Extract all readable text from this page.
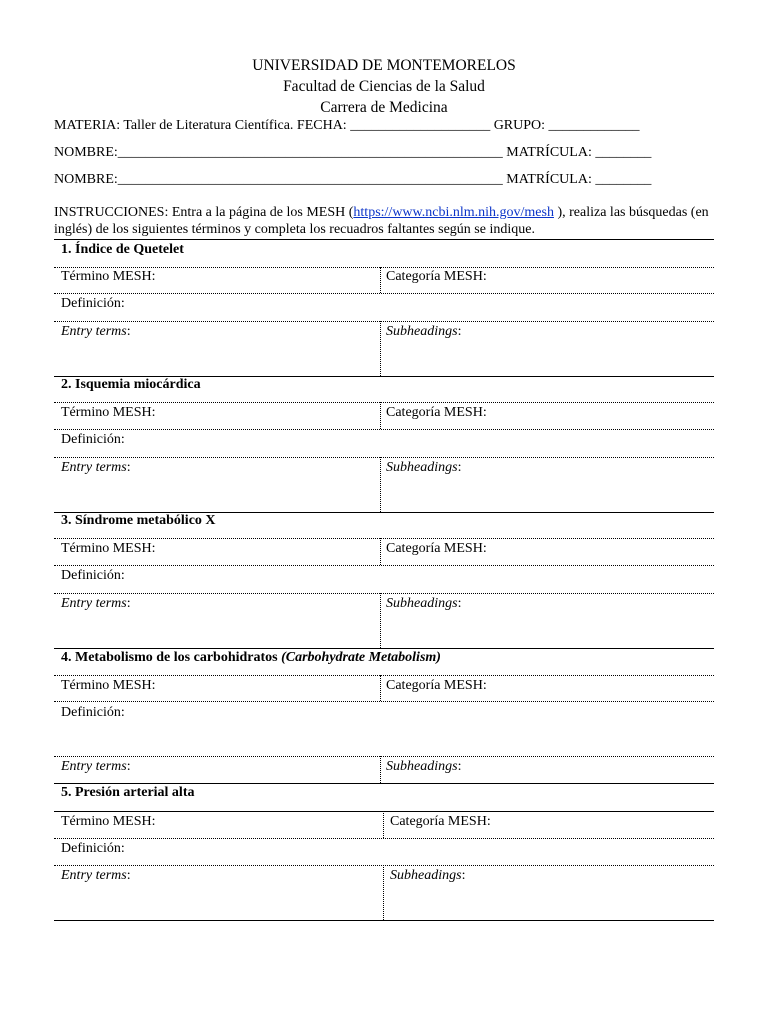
UNIVERSIDAD DE MONTEMORELOS
Facultad de Ciencias de la Salud
Carrera de Medicina
MATERIA: Taller de Literatura Científica. FECHA: ____________________ GRUPO: _____________
NOMBRE:_______________________________________________________ MATRÍCULA: ________
NOMBRE:_______________________________________________________ MATRÍCULA: ________
INSTRUCCIONES: Entra a la página de los MESH (https://www.ncbi.nlm.nih.gov/mesh ), realiza las búsquedas (en inglés) de los siguientes términos y completa los recuadros faltantes según se indique.
1. Índice de Quetelet
Término MESH:	Categoría MESH:
Definición:
Entry terms:	Subheadings:
2. Isquemia miocárdica
Término MESH:	Categoría MESH:
Definición:
Entry terms:	Subheadings:
3. Síndrome metabólico X
Término MESH:	Categoría MESH:
Definición:
Entry terms:	Subheadings:
4. Metabolismo de los carbohidratos (Carbohydrate Metabolism)
Término MESH:	Categoría MESH:
Definición:
Entry terms:	Subheadings:
5. Presión arterial alta
Término MESH:	Categoría MESH:
Definición:
Entry terms:	Subheadings:
